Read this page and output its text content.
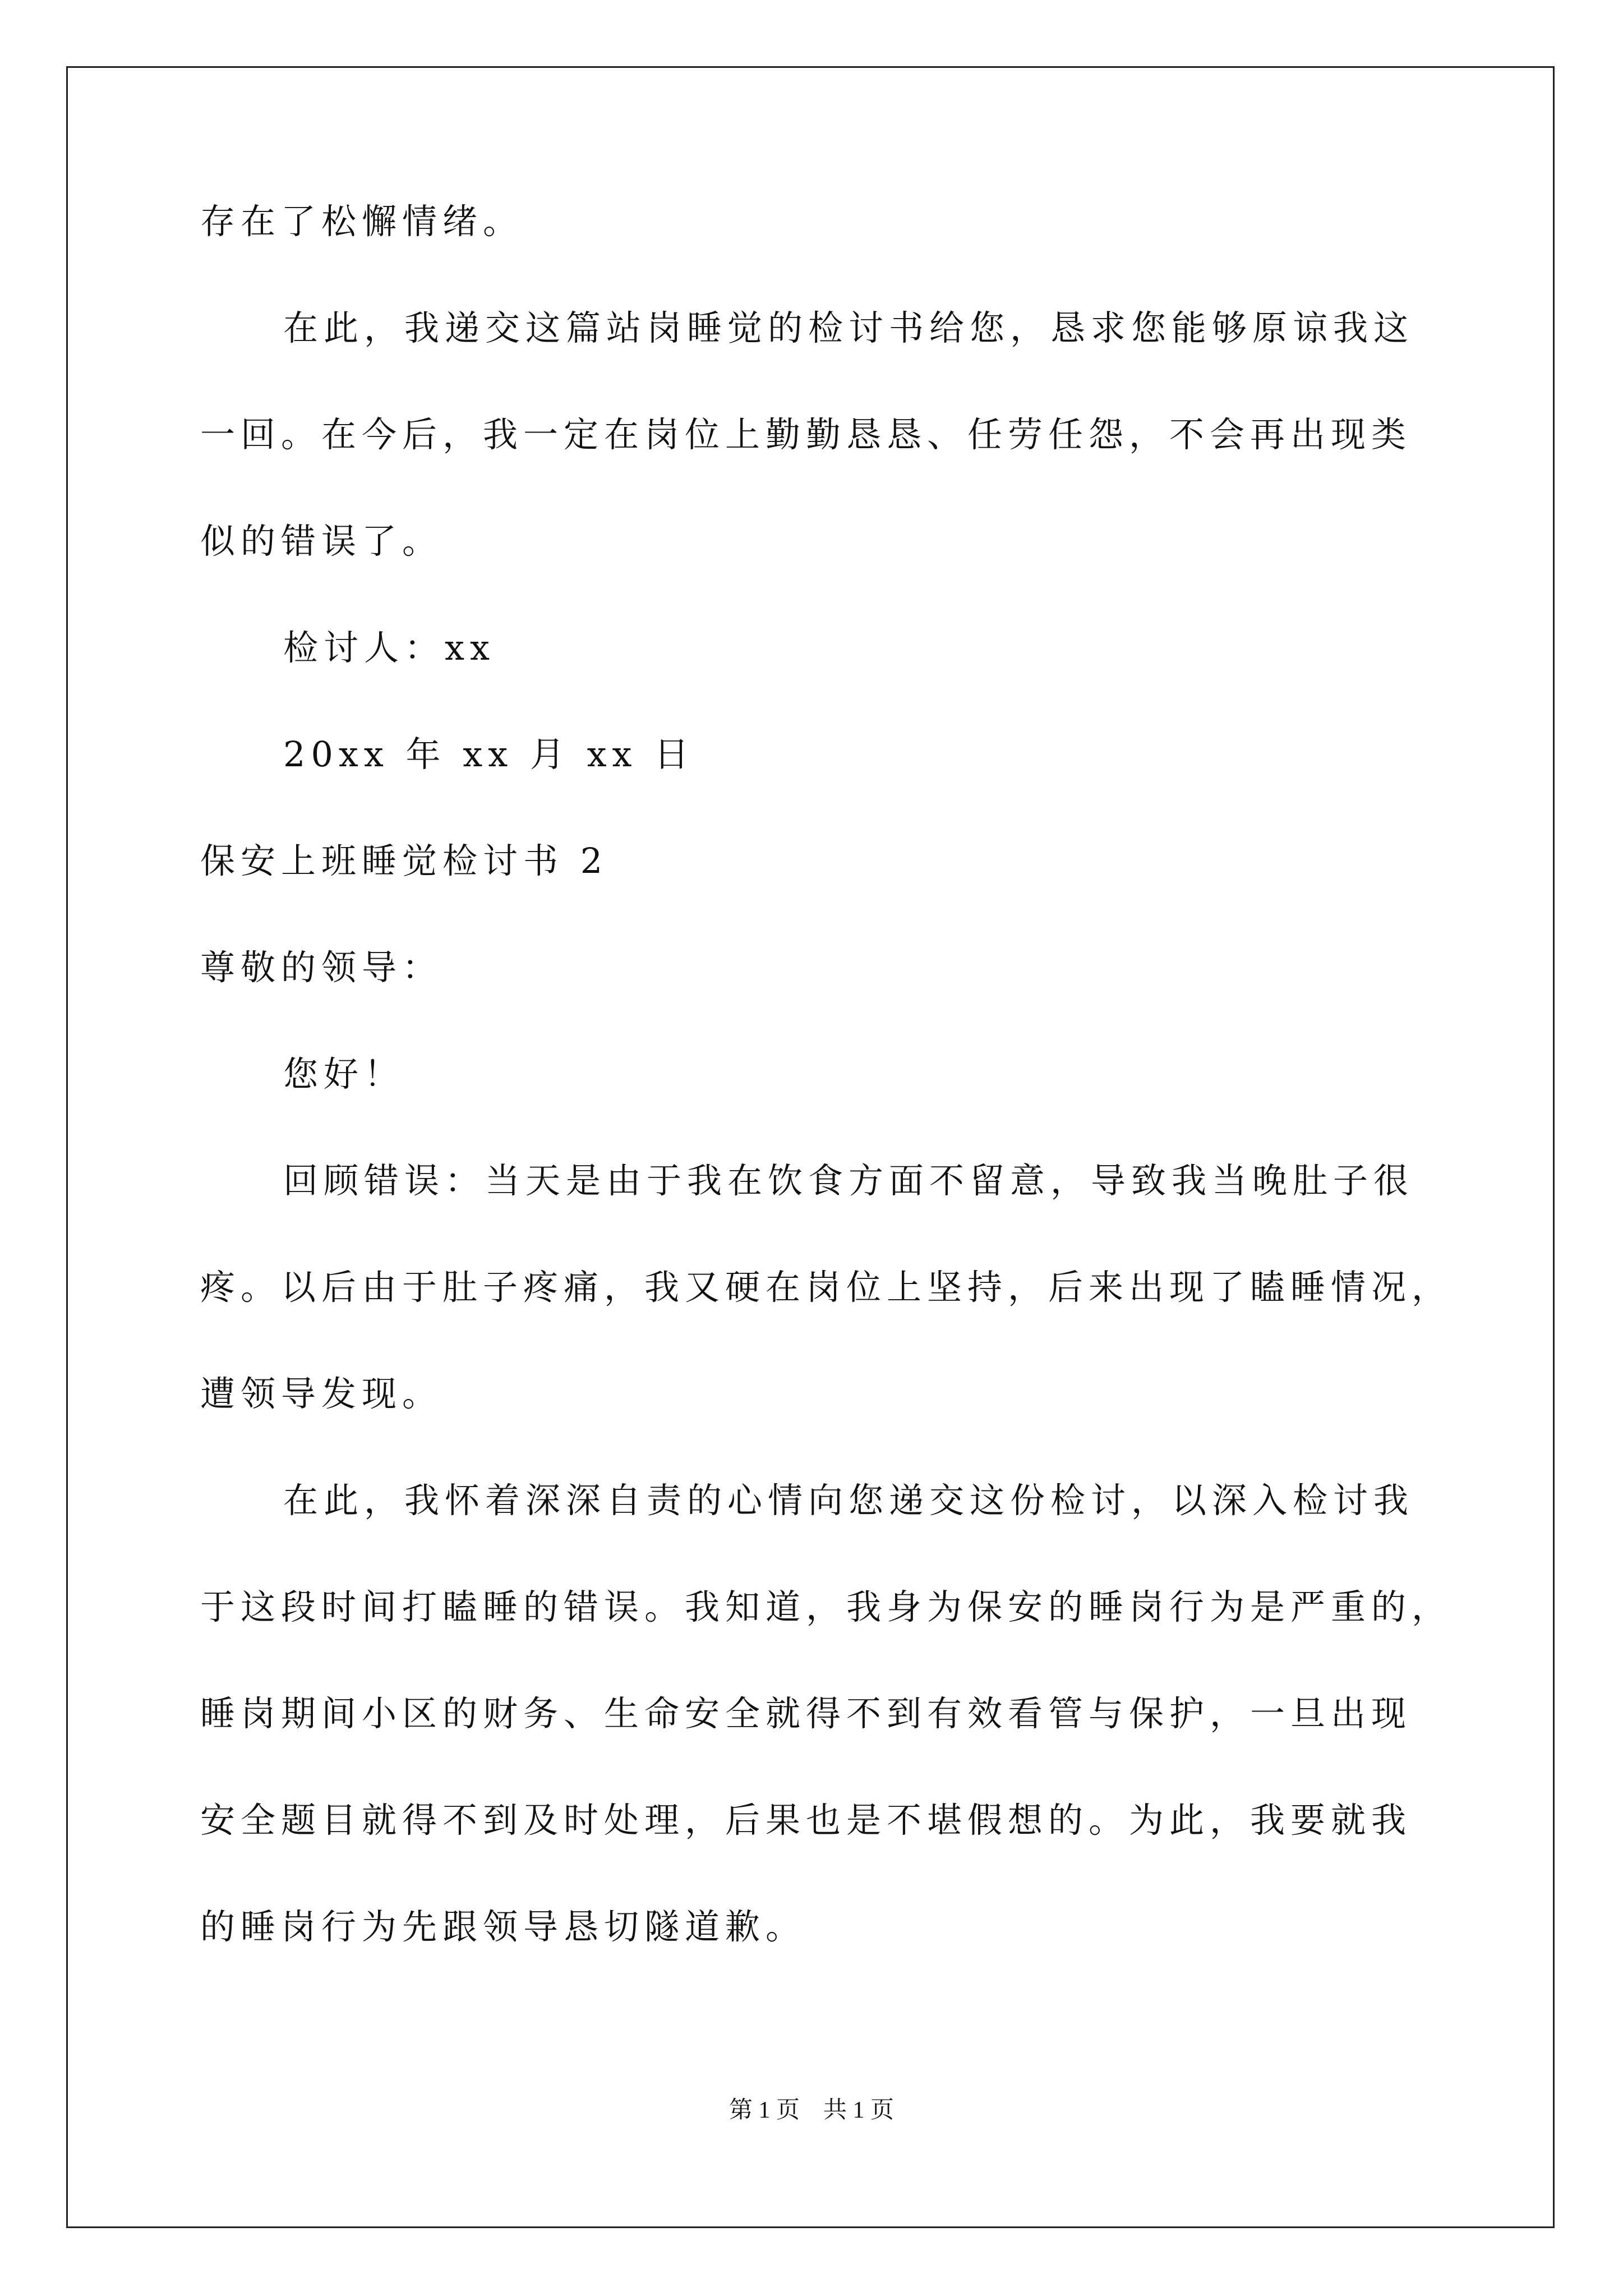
存在了松懈情绪。
在此，我递交这篇站岗睡觉的检讨书给您，恳求您能够原谅我这
一回。在今后，我一定在岗位上勤勤恳恳、任劳任怨，不会再出现类
似的错误了。
检讨人：xx
20xx 年 xx 月 xx 日
保安上班睡觉检讨书 2
尊敬的领导：
您好！
回顾错误：当天是由于我在饮食方面不留意，导致我当晚肚子很
疼。以后由于肚子疼痛，我又硬在岗位上坚持，后来出现了瞌睡情况，
遭领导发现。
在此，我怀着深深自责的心情向您递交这份检讨，以深入检讨我
于这段时间打瞌睡的错误。我知道，我身为保安的睡岗行为是严重的，
睡岗期间小区的财务、生命安全就得不到有效看管与保护，一旦出现
安全题目就得不到及时处理，后果也是不堪假想的。为此，我要就我
的睡岗行为先跟领导恳切隧道歉。
第 1 页　共 1 页
